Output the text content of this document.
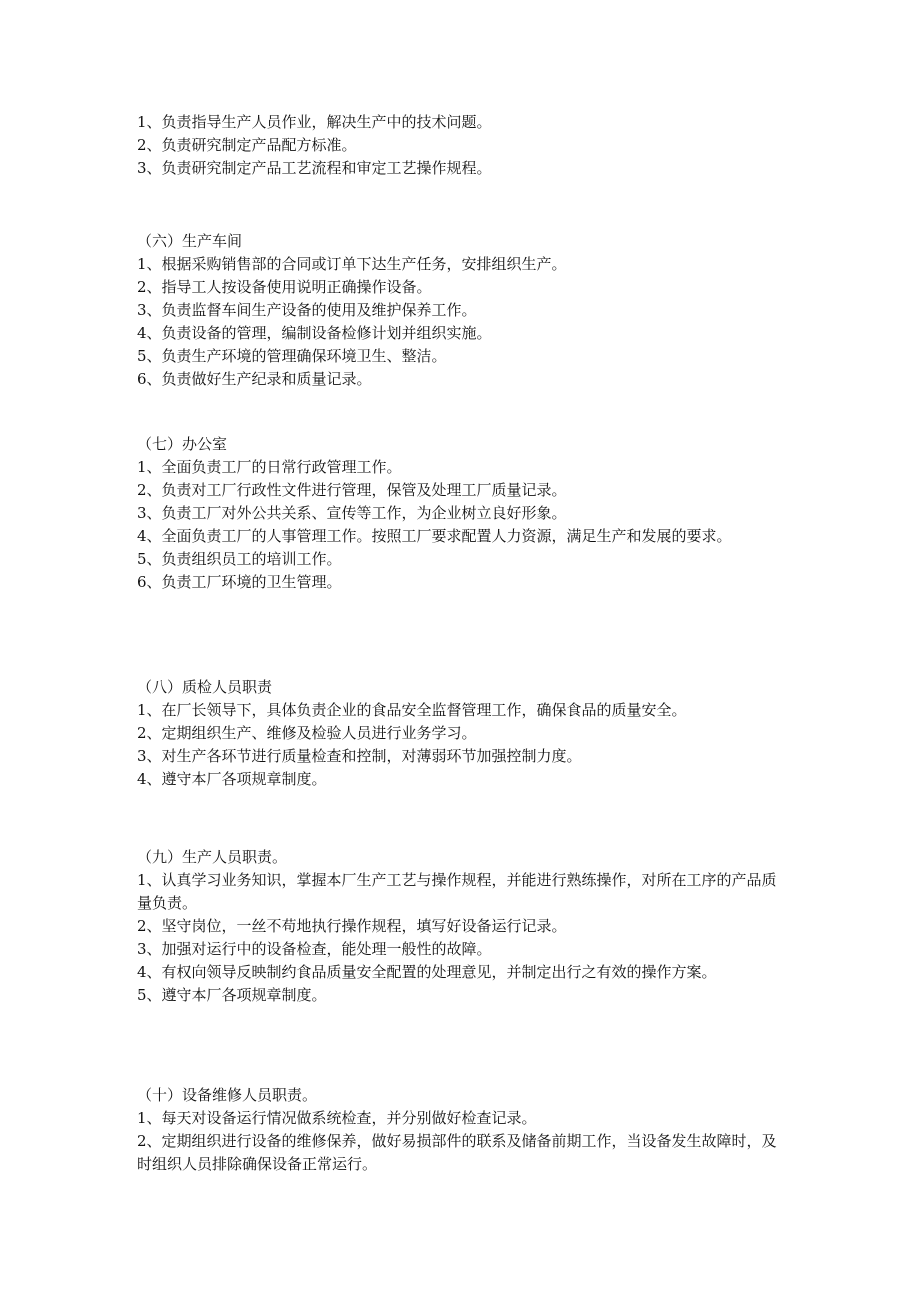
1、负责指导生产人员作业，解决生产中的技术问题。
2、负责研究制定产品配方标准。
3、负责研究制定产品工艺流程和审定工艺操作规程。
（六）生产车间
1、根据采购销售部的合同或订单下达生产任务，安排组织生产。
2、指导工人按设备使用说明正确操作设备。
3、负责监督车间生产设备的使用及维护保养工作。
4、负责设备的管理，编制设备检修计划并组织实施。
5、负责生产环境的管理确保环境卫生、整洁。
6、负责做好生产纪录和质量记录。
（七）办公室
1、全面负责工厂的日常行政管理工作。
2、负责对工厂行政性文件进行管理，保管及处理工厂质量记录。
3、负责工厂对外公共关系、宣传等工作，为企业树立良好形象。
4、全面负责工厂的人事管理工作。按照工厂要求配置人力资源，满足生产和发展的要求。
5、负责组织员工的培训工作。
6、负责工厂环境的卫生管理。
（八）质检人员职责
1、在厂长领导下，具体负责企业的食品安全监督管理工作，确保食品的质量安全。
2、定期组织生产、维修及检验人员进行业务学习。
3、对生产各环节进行质量检查和控制，对薄弱环节加强控制力度。
4、遵守本厂各项规章制度。
（九）生产人员职责。
1、认真学习业务知识，掌握本厂生产工艺与操作规程，并能进行熟练操作，对所在工序的产品质量负责。
2、坚守岗位，一丝不苟地执行操作规程，填写好设备运行记录。
3、加强对运行中的设备检查，能处理一般性的故障。
4、有权向领导反映制约食品质量安全配置的处理意见，并制定出行之有效的操作方案。
5、遵守本厂各项规章制度。
（十）设备维修人员职责。
1、每天对设备运行情况做系统检查，并分别做好检查记录。
2、定期组织进行设备的维修保养，做好易损部件的联系及储备前期工作，当设备发生故障时，及时组织人员排除确保设备正常运行。
